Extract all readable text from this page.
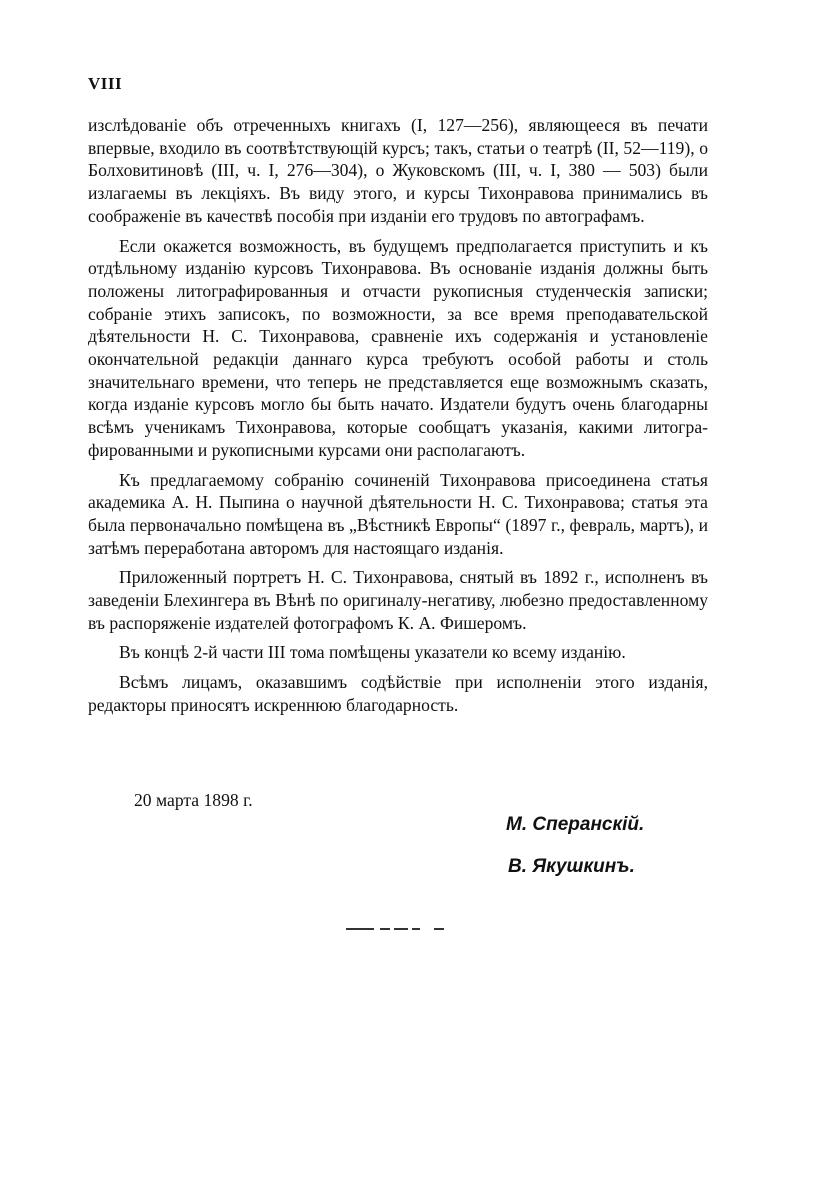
VIII

изслѣдованіе объ отреченныхъ книгахъ (I, 127—256), являющееся въ печати впервые, входило въ соотвѣтствующій курсъ; такъ, статьи о театрѣ (II, 52—119), о Болховитиновѣ (III, ч. I, 276—304), о Жуковскомъ (III, ч. I, 380 — 503) были излагаемы въ лекціяхъ. Въ виду этого, и курсы Тихонравова принимались въ соображеніе въ качествѣ пособія при изданіи его трудовъ по автографамъ.

Если окажется возможность, въ будущемъ предполагается приступить и къ отдѣльному изданію курсовъ Тихонравова. Въ основаніе изданія должны быть положены литографированныя и отчасти рукописныя студенческія записки; собраніе этихъ записокъ, по возможности, за все время преподавательской дѣятельности Н. С. Тихонравова, сравненіе ихъ содержанія и установленіе окончательной редакціи даннаго курса требуютъ особой работы и столь значительнаго времени, что теперь не представляется еще возможнымъ сказать, когда изданіе курсовъ могло бы быть начато. Издатели будутъ очень благодарны всѣмъ ученикамъ Тихонравова, которые сообщатъ указанія, какими литографированными и рукописными курсами они располагаютъ.

Къ предлагаемому собранію сочиненій Тихонравова присоединена статья академика А. Н. Пыпина о научной дѣятельности Н. С. Тихонравова; статья эта была первоначально помѣщена въ „Вѣстникѣ Европы“ (1897 г., февраль, мартъ), и затѣмъ переработана авторомъ для настоящаго изданія.

Приложенный портретъ Н. С. Тихонравова, снятый въ 1892 г., исполненъ въ заведеніи Блехингера въ Вѣнѣ по оригиналу-негативу, любезно предоставленному въ распоряженіе издателей фотографомъ К. А. Фишеромъ.

Въ концѣ 2-й части III тома помѣщены указатели ко всему изданію.

Всѣмъ лицамъ, оказавшимъ содѣйствіе при исполненіи этого изданія, редакторы приносятъ искреннюю благодарность.

20 марта 1898 г.
М. Сперанскій.
В. Якушкинъ.
